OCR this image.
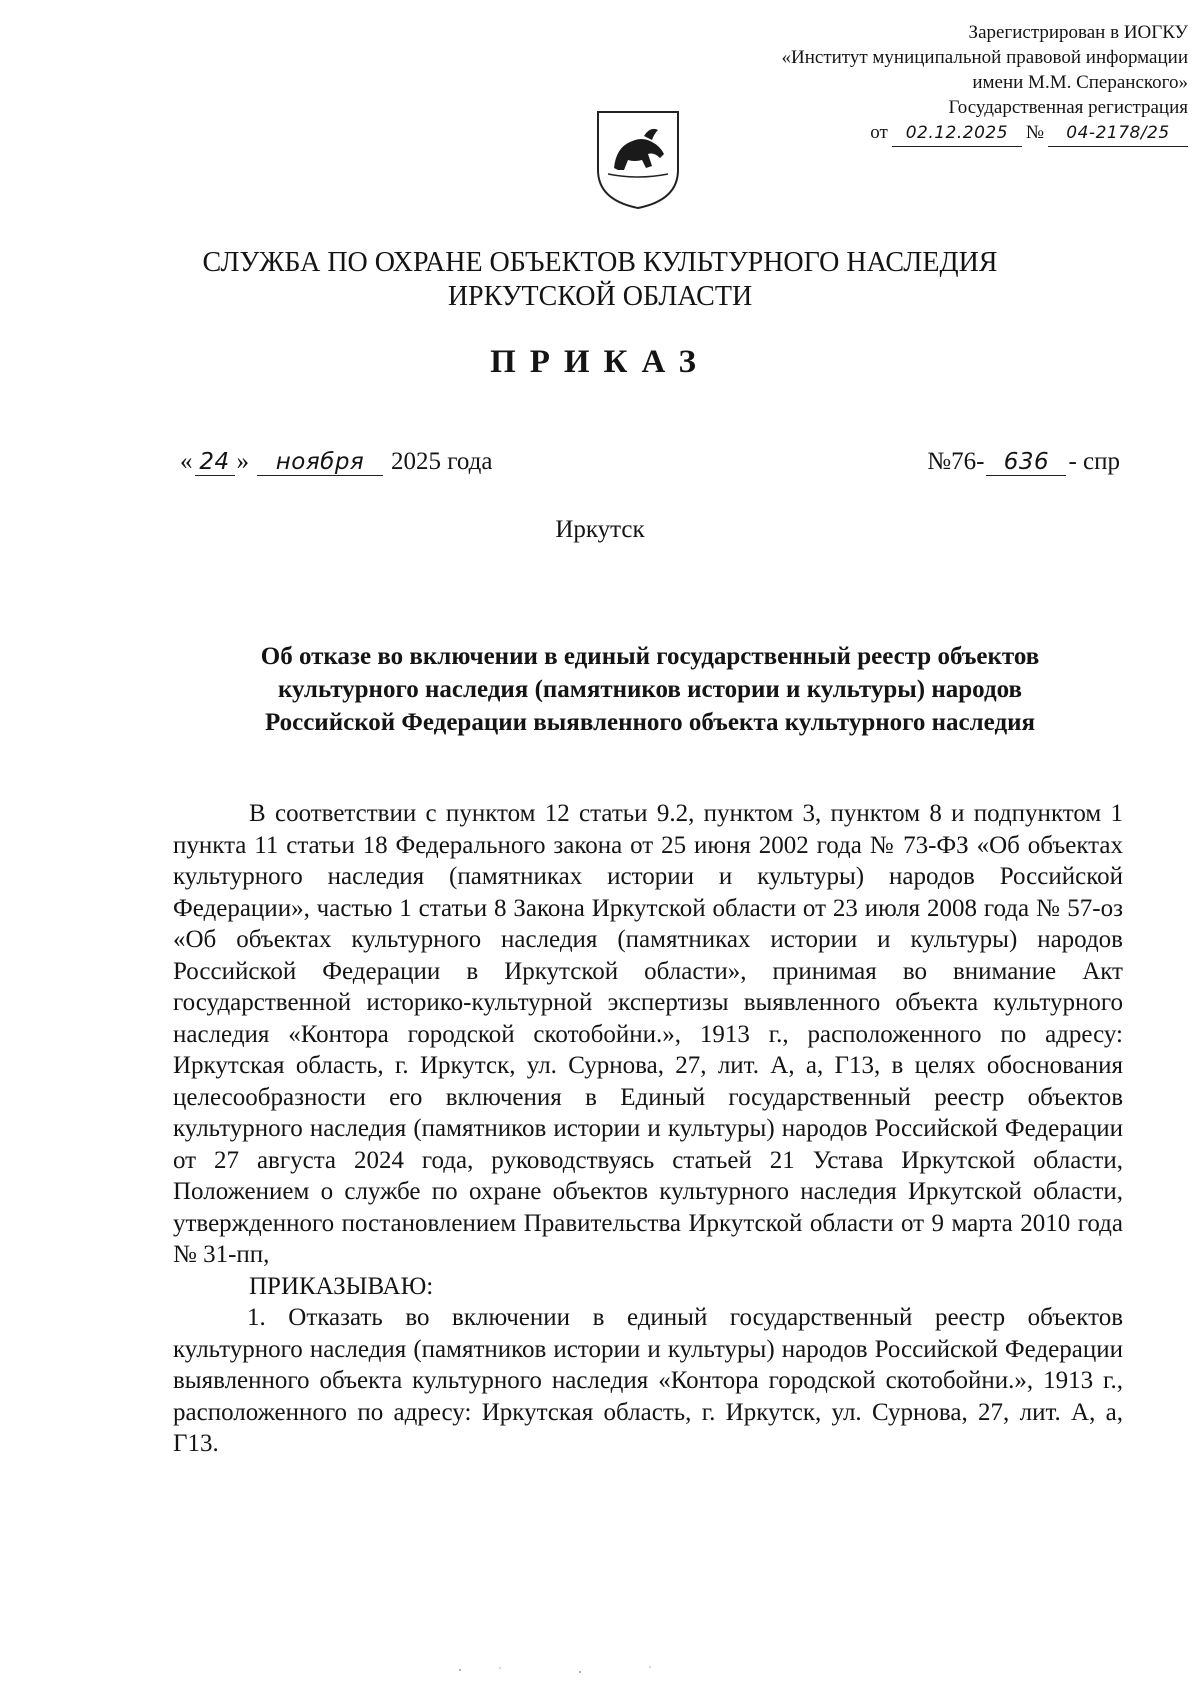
Зарегистрирован в ИОГКУ
«Институт муниципальной правовой информации
имени М.М. Сперанского»
Государственная регистрация
от	02.12.2025 №	04-2178/25
СЛУЖБА ПО ОХРАНЕ ОБЪЕКТОВ КУЛЬТУРНОГО НАСЛЕДИЯ
ИРКУТСКОЙ ОБЛАСТИ
ПРИКАЗ
« 24 »	ноября	2025 года	№76- 636 - спр
Иркутск
Об отказе во включении в единый государственный реестр объектов
культурного наследия (памятников истории и культуры) народов
Российской Федерации выявленного объекта культурного наследия

В соответствии с пунктом 12 статьи 9.2, пунктом 3, пунктом 8 и подпунктом 1 пункта 11 статьи 18 Федерального закона от 25 июня 2002 года № 73-ФЗ «Об объектах культурного наследия (памятниках истории и культуры) народов Российской Федерации», частью 1 статьи 8 Закона Иркутской области от 23 июля 2008 года № 57-оз «Об объектах культурного наследия (памятниках истории и культуры) народов Российской Федерации в Иркутской области», принимая во внимание Акт государственной историко-культурной экспертизы выявленного объекта культурного наследия «Контора городской скотобойни.», 1913 г., расположенного по адресу: Иркутская область, г. Иркутск, ул. Сурнова, 27, лит. А, а, Г13, в целях обоснования целесообразности его включения в Единый государственный реестр объектов культурного наследия (памятников истории и культуры) народов Российской Федерации от 27 августа 2024 года, руководствуясь статьей 21 Устава Иркутской области, Положением о службе по охране объектов культурного наследия Иркутской области, утвержденного постановлением Правительства Иркутской области от 9 марта 2010 года № 31-пп,

ПРИКАЗЫВАЮ:

1. Отказать во включении в единый государственный реестр объектов культурного наследия (памятников истории и культуры) народов Российской Федерации выявленного объекта культурного наследия «Контора городской скотобойни.», 1913 г., расположенного по адресу: Иркутская область, г. Иркутск, ул. Сурнова, 27, лит. А, а, Г13.
